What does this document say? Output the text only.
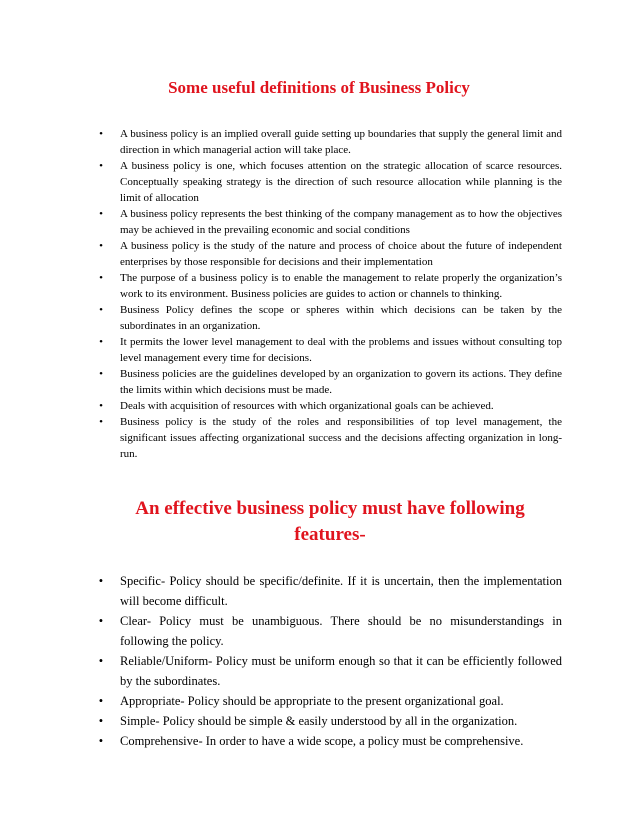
Some useful definitions of Business Policy
•	A business policy is an implied overall guide setting up boundaries that supply the general limit and direction in which managerial action will take place.
•	A business policy is one, which focuses attention on the strategic allocation of scarce resources. Conceptually speaking strategy is the direction of such resource allocation while planning is the limit of allocation
•	A business policy represents the best thinking of the company management as to how the objectives may be achieved in the prevailing economic and social conditions
•	A business policy is the study of the nature and process of choice about the future of independent enterprises by those responsible for decisions and their implementation
•	The purpose of a business policy is to enable the management to relate properly the organization’s work to its environment. Business policies are guides to action or channels to thinking.
•	Business Policy defines the scope or spheres within which decisions can be taken by the subordinates in an organization.
•	It permits the lower level management to deal with the problems and issues without consulting top level management every time for decisions.
•	Business policies are the guidelines developed by an organization to govern its actions. They define the limits within which decisions must be made.
•	Deals with acquisition of resources with which organizational goals can be achieved.
•	Business policy is the study of the roles and responsibilities of top level management, the significant issues affecting organizational success and the decisions affecting organization in long-run.
An effective business policy must have following features-
•	Specific- Policy should be specific/definite. If it is uncertain, then the implementation will become difficult.
•	Clear- Policy must be unambiguous. There should be no misunderstandings in following the policy.
•	Reliable/Uniform- Policy must be uniform enough so that it can be efficiently followed by the subordinates.
•	Appropriate- Policy should be appropriate to the present organizational goal.
•	Simple- Policy should be simple & easily understood by all in the organization.
•	Comprehensive- In order to have a wide scope, a policy must be comprehensive.
